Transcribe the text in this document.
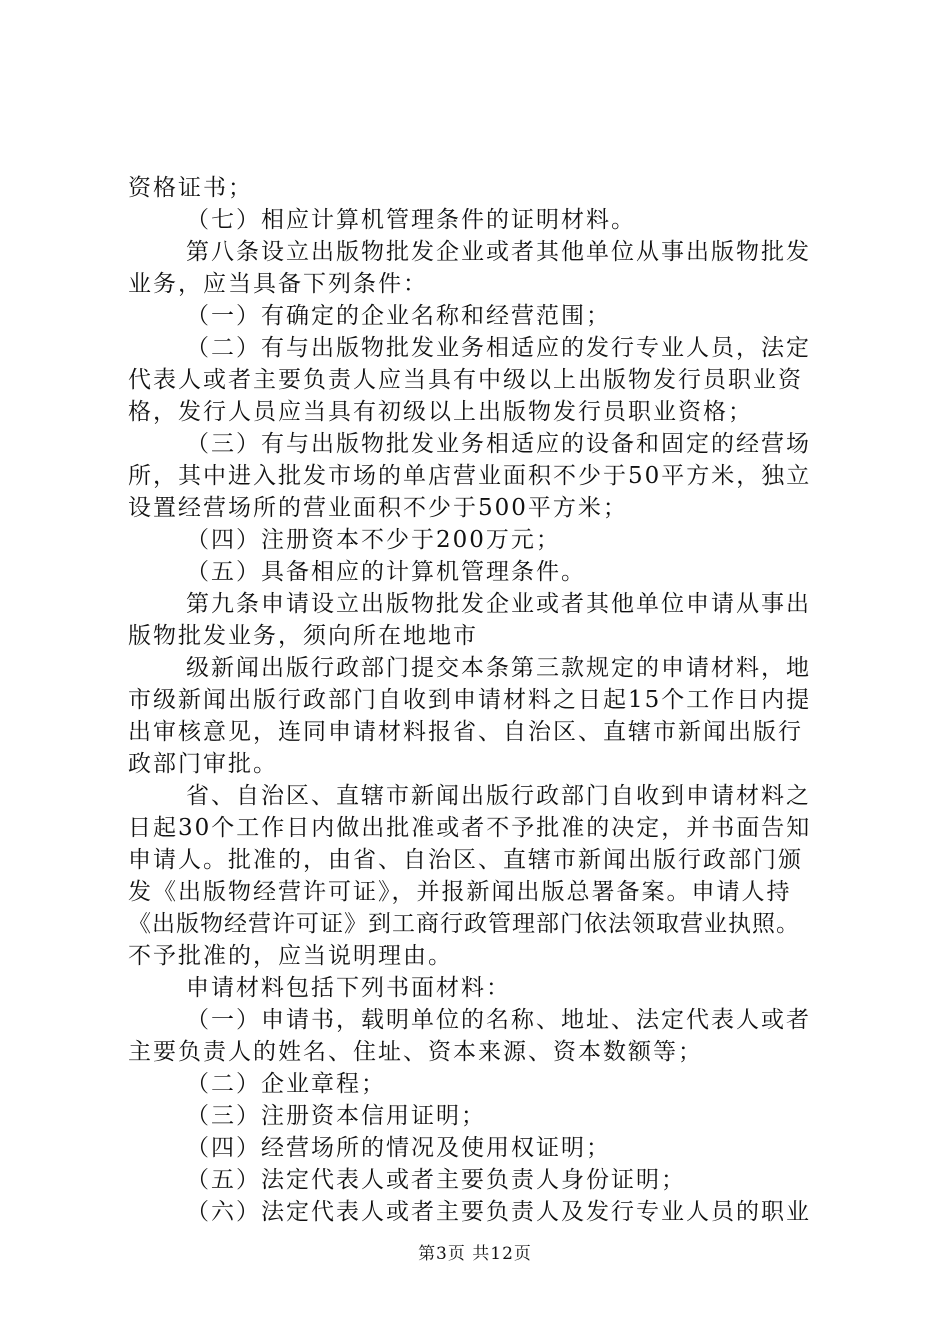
资格证书；
（七）相应计算机管理条件的证明材料。
第八条设立出版物批发企业或者其他单位从事出版物批发
业务，应当具备下列条件：
（一）有确定的企业名称和经营范围；
（二）有与出版物批发业务相适应的发行专业人员，法定
代表人或者主要负责人应当具有中级以上出版物发行员职业资
格，发行人员应当具有初级以上出版物发行员职业资格；
（三）有与出版物批发业务相适应的设备和固定的经营场
所，其中进入批发市场的单店营业面积不少于50平方米，独立
设置经营场所的营业面积不少于500平方米；
（四）注册资本不少于200万元；
（五）具备相应的计算机管理条件。
第九条申请设立出版物批发企业或者其他单位申请从事出
版物批发业务，须向所在地地市
级新闻出版行政部门提交本条第三款规定的申请材料，地
市级新闻出版行政部门自收到申请材料之日起15个工作日内提
出审核意见，连同申请材料报省、自治区、直辖市新闻出版行
政部门审批。
省、自治区、直辖市新闻出版行政部门自收到申请材料之
日起30个工作日内做出批准或者不予批准的决定，并书面告知
申请人。批准的，由省、自治区、直辖市新闻出版行政部门颁
发《出版物经营许可证》，并报新闻出版总署备案。申请人持
《出版物经营许可证》到工商行政管理部门依法领取营业执照。
不予批准的，应当说明理由。
申请材料包括下列书面材料：
（一）申请书，载明单位的名称、地址、法定代表人或者
主要负责人的姓名、住址、资本来源、资本数额等；
（二）企业章程；
（三）注册资本信用证明；
（四）经营场所的情况及使用权证明；
（五）法定代表人或者主要负责人身份证明；
（六）法定代表人或者主要负责人及发行专业人员的职业
第3页 共12页
